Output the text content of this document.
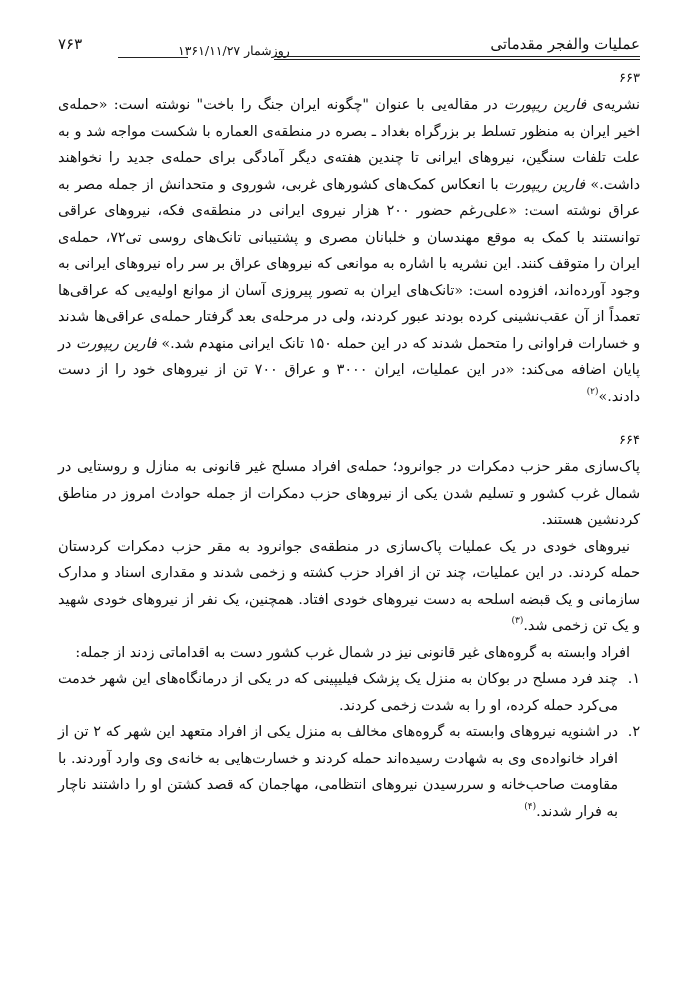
عملیات والفجر مقدماتی
روزشمار ۱۳۶۱/۱۱/۲۷
۷۶۳
۶۶۳

نشریه‌ی فارین ریپورت در مقاله‌یی با عنوان "چگونه ایران جنگ را باخت" نوشته است: «حمله‌ی اخیر ایران به منظور تسلط بر بزرگراه بغداد ـ بصره در منطقه‌ی العماره با شکست مواجه شد و به علت تلفات سنگین، نیروهای ایرانی تا چندین هفته‌ی دیگر آمادگی برای حمله‌ی جدید را نخواهند داشت.» فارین ریپورت با انعکاس کمک‌های کشورهای غربی، شوروی و متحدانش از جمله مصر به عراق نوشته است: «علی‌رغم حضور ۲۰۰ هزار نیروی ایرانی در منطقه‌ی فکه، نیروهای عراقی توانستند با کمک به موقع مهندسان و خلبانان مصری و پشتیبانی تانک‌های روسی تی۷۲، حمله‌ی ایران را متوقف کنند. این نشریه با اشاره به موانعی که نیروهای عراق بر سر راه نیروهای ایرانی به وجود آورده‌اند، افزوده است: «تانک‌های ایران به تصور پیروزی آسان از موانع اولیه‌یی که عراقی‌ها تعمداً از آن عقب‌نشینی کرده بودند عبور کردند، ولی در مرحله‌ی بعد گرفتار حمله‌ی عراقی‌ها شدند و خسارات فراوانی را متحمل شدند که در این حمله ۱۵۰ تانک ایرانی منهدم شد.» فارین ریپورت در پایان اضافه می‌کند: «در این عملیات، ایران ۳۰۰۰ و عراق ۷۰۰ تن از نیروهای خود را از دست دادند.»$^{(۲)}$

۶۶۴

پاک‌سازی مقر حزب دمکرات در جوانرود؛ حمله‌ی افراد مسلح غیر قانونی به منازل و روستایی در شمال غرب کشور و تسلیم شدن یکی از نیروهای حزب دمکرات از جمله حوادث امروز در مناطق کردنشین هستند.

نیروهای خودی در یک عملیات پاک‌سازی در منطقه‌ی جوانرود به مقر حزب دمکرات کردستان حمله کردند. در این عملیات، چند تن از افراد حزب کشته و زخمی شدند و مقداری اسناد و مدارک سازمانی و یک قبضه اسلحه به دست نیروهای خودی افتاد. همچنین، یک نفر از نیروهای خودی شهید و یک تن زخمی شد.$^{(۳)}$

افراد وابسته به گروه‌های غیر قانونی نیز در شمال غرب کشور دست به اقداماتی زدند از جمله:

۱.
چند فرد مسلح در بوکان به منزل یک پزشک فیلیپینی که در یکی از درمانگاه‌های این شهر خدمت می‌کرد حمله کرده، او را به شدت زخمی کردند.
۲.
در اشنویه نیروهای وابسته به گروه‌های مخالف به منزل یکی از افراد متعهد این شهر که ۲ تن از افراد خانواده‌ی وی به شهادت رسیده‌اند حمله کردند و خسارت‌هایی به خانه‌ی وی وارد آوردند. با مقاومت صاحب‌خانه و سررسیدن نیروهای انتظامی، مهاجمان که قصد کشتن او را داشتند ناچار به فرار شدند.$^{(۴)}$
